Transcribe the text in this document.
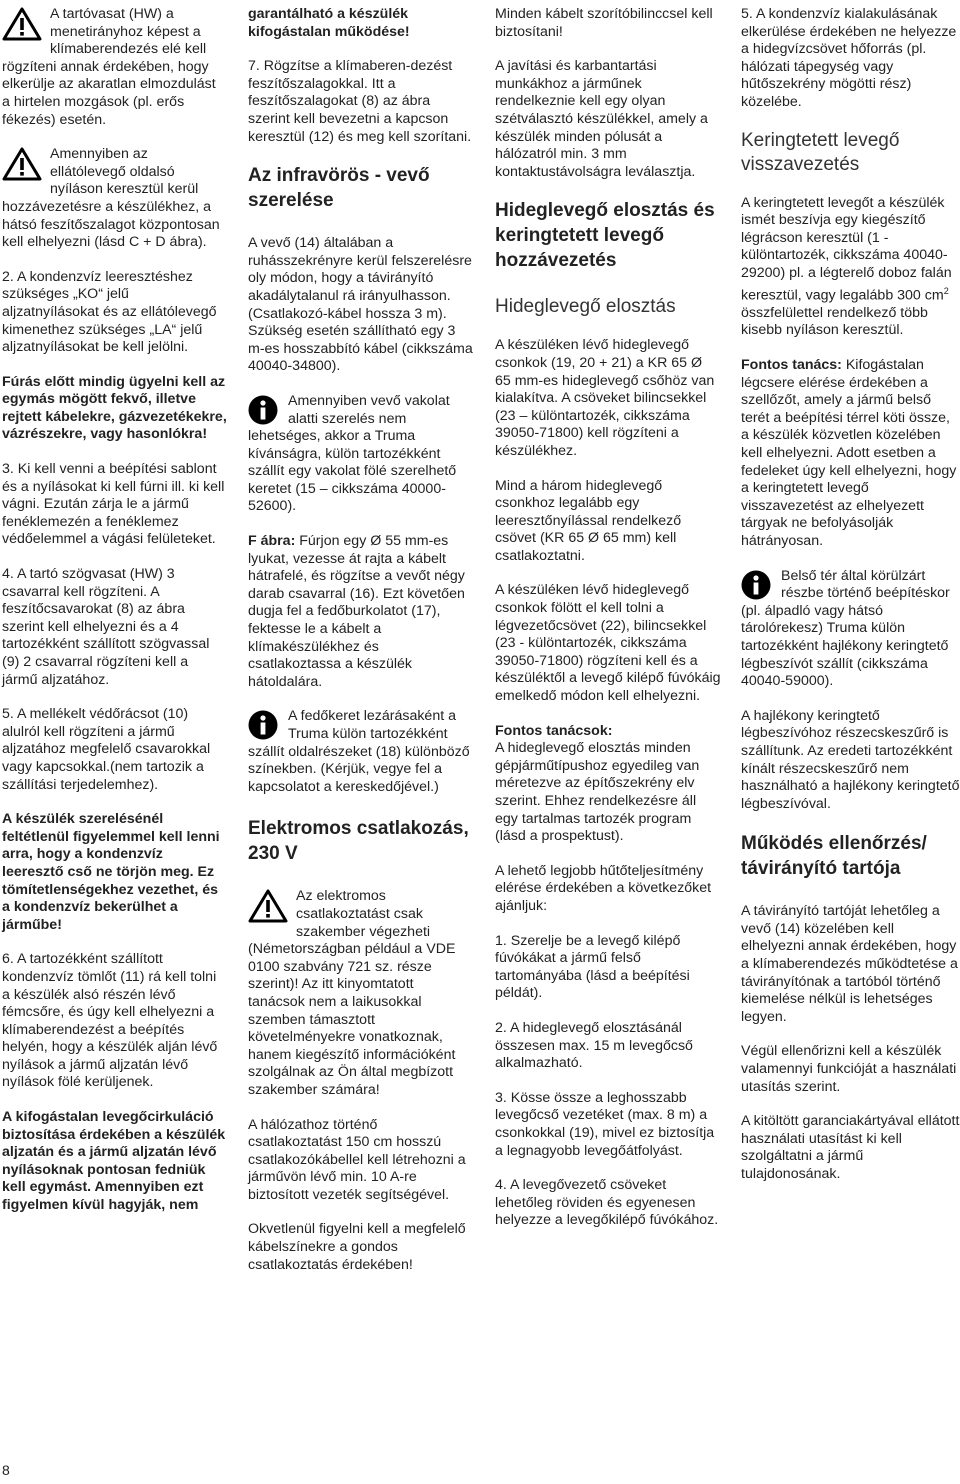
A tartóvasat (HW) a menetirányhoz képest a klímaberendezés elé kell rögzíteni annak érdekében, hogy elkerülje az akaratlan elmozdulást a hirtelen mozgások (pl. erős fékezés) esetén.

Amennyiben az ellátólevegő oldalsó nyíláson keresztül kerül hozzávezetésre a készülékhez, a hátsó feszítőszalagot központosan kell elhelyezni (lásd C + D ábra).

2. A kondenzvíz leeresztéshez szükséges „KO“ jelű aljzatnyílásokat és az ellátólevegő kimenethez szükséges „LA“ jelű aljzatnyílásokat be kell jelölni.

Fúrás előtt mindig ügyelni kell az egymás mögött fekvő, illetve rejtett kábelekre, gázvezetékekre, vázrészekre, vagy hasonlókra!

3. Ki kell venni a beépítési sablont és a nyílásokat ki kell fúrni ill. ki kell vágni. Ezután zárja le a jármű fenéklemezén a fenéklemez védőelemmel a vágási felületeket.

4. A tartó szögvasat (HW) 3 csavarral kell rögzíteni. A feszítőcsavarokat (8) az ábra szerint kell elhelyezni és a 4 tartozékként szállított szögvassal (9) 2 csavarral rögzíteni kell a jármű aljzatához.

5. A mellékelt védőrácsot (10) alulról kell rögzíteni a jármű aljzatához megfelelő csavarokkal vagy kapcsokkal.(nem tartozik a szállítási terjedelemhez).

A készülék szerelésénél feltétlenül figyelemmel kell lenni arra, hogy a kondenzvíz leeresztő cső ne törjön meg. Ez tömítetlenségekhez vezethet, és a kondenzvíz bekerülhet a járműbe!

6. A tartozékként szállított kondenzvíz tömlőt (11) rá kell tolni a készülék alsó részén lévő fémcsőre, és úgy kell elhelyezni a klímaberendezést a beépítés helyén, hogy a készülék alján lévő nyílások a jármű aljzatán lévő nyílások fölé kerüljenek.

A kifogástalan levegőcirkuláció biztosítása érdekében a készülék aljzatán és a jármű aljzatán lévő nyílásoknak pontosan fedniük kell egymást. Amennyiben ezt figyelmen kívül hagyják, nem

garantálható a készülék kifogástalan működése!

7. Rögzítse a klímaberen-dezést feszítőszalagokkal. Itt a feszítőszalagokat (8) az ábra szerint kell bevezetni a kapcson keresztül (12) és meg kell szorítani.

Az infravörös - vevő szerelése

A vevő (14) általában a ruhásszekrényre kerül felszerelésre oly módon, hogy a távirányító akadálytalanul rá irányulhasson. (Csatlakozó-kábel hossza 3 m). Szükség esetén szállítható egy 3 m-es hosszabbító kábel (cikkszáma 40040-34800).

Amennyiben vevő vakolat alatti szerelés nem lehetséges, akkor a Truma kívánságra, külön tartozékként szállít egy vakolat fölé szerelhető keretet (15 – cikkszáma 40000-52600).

F ábra: Fúrjon egy Ø 55 mm-es lyukat, vezesse át rajta a kábelt hátrafelé, és rögzítse a vevőt négy darab csavarral (16). Ezt követően dugja fel a fedőburkolatot (17), fektesse le a kábelt a klímakészülékhez és csatlakoztassa a készülék hátoldalára.

A fedőkeret lezárásaként a Truma külön tartozékként szállít oldalrészeket (18) különböző színekben. (Kérjük, vegye fel a kapcsolatot a kereskedőjével.)

Elektromos csatlakozás, 230 V

Az elektromos csatlakoztatást csak szakember végezheti (Németországban például a VDE 0100 szabvány 721 sz. része szerint)! Az itt kinyomtatott tanácsok nem a laikusokkal szemben támasztott követelményekre vonatkoznak, hanem kiegészítő információként szolgálnak az Ön által megbízott szakember számára!

A hálózathoz történő csatlakoztatást 150 cm hosszú csatlakozókábellel kell létrehozni a járművön lévő min. 10 A-re biztosított vezeték segítségével.

Okvetlenül figyelni kell a megfelelő kábelszínekre a gondos csatlakoztatás érdekében!

Minden kábelt szorítóbilinccsel kell biztosítani!

A javítási és karbantartási munkákhoz a járműnek rendelkeznie kell egy olyan szétválasztó készülékkel, amely a készülék minden pólusát a hálózatról min. 3 mm kontaktustávolságra leválasztja.

Hideglevegő elosztás és keringtetett levegő hozzávezetés
Hideglevegő elosztás

A készüléken lévő hideglevegő csonkok (19, 20 + 21) a KR 65 Ø 65 mm-es hideglevegő csőhöz van kialakítva. A csöveket bilincsekkel (23 – különtartozék, cikkszáma 39050-71800) kell rögzíteni a készülékhez.

Mind a három hideglevegő csonkhoz legalább egy leeresztőnyílással rendelkező csövet (KR 65 Ø 65 mm) kell csatlakoztatni.

A készüléken lévő hideglevegő csonkok fölött el kell tolni a légvezetőcsövet (22), bilincsekkel (23 - különtartozék, cikkszáma 39050-71800) rögzíteni kell és a készüléktől a levegő kilépő fúvókáig emelkedő módon kell elhelyezni.

Fontos tanácsok:
A hideglevegő elosztás minden gépjárműtípushoz egyedileg van méretezve az építőszekrény elv szerint. Ehhez rendelkezésre áll egy tartalmas tartozék program (lásd a prospektust).

A lehető legjobb hűtőteljesítmény elérése érdekében a következőket ajánljuk:

1. Szerelje be a levegő kilépő fúvókákat a jármű felső tartományába (lásd a beépítési példát).

2. A hideglevegő elosztásánál összesen max. 15 m levegőcső alkalmazható.

3. Kösse össze a leghosszabb levegőcső vezetéket (max. 8 m) a csonkokkal (19), mivel ez biztosítja a legnagyobb levegőátfolyást.

4. A levegővezető csöveket lehetőleg röviden és egyenesen helyezze a levegőkilépő fúvókához.

5. A kondenzvíz kialakulásának elkerülése érdekében ne helyezze a hidegvízcsövet hőforrás (pl. hálózati tápegység vagy hűtőszekrény mögötti rész) közelébe.

Keringtetett levegő visszavezetés

A keringtetett levegőt a készülék ismét beszívja egy kiegészítő légrácson keresztül (1 - különtartozék, cikkszáma 40040-29200) pl. a légterelő doboz falán keresztül, vagy legalább 300 $cm^2$ összfelülettel rendelkező több kisebb nyíláson keresztül.

Fontos tanács: Kifogástalan légcsere elérése érdekében a szellőzőt, amely a jármű belső terét a beépítési térrel köti össze, a készülék közvetlen közelében kell elhelyezni. Adott esetben a fedeleket úgy kell elhelyezni, hogy a keringtetett levegő visszavezetést az elhelyezett tárgyak ne befolyásolják hátrányosan.

Belső tér által körülzárt részbe történő beépítéskor (pl. álpadló vagy hátsó tárolórekesz) Truma külön tartozékként hajlékony keringtető légbeszívót szállít (cikkszáma 40040-59000).

A hajlékony keringtető légbeszívóhoz részecskeszűrő is szállítunk. Az eredeti tartozékként kínált részecskeszűrő nem használható a hajlékony keringtető légbeszívóval.

Működés ellenőrzés/ távirányító tartója

A távirányító tartóját lehetőleg a vevő (14) közelében kell elhelyezni annak érdekében, hogy a klímaberendezés működtetése a távirányítónak a tartóból történő kiemelése nélkül is lehetséges legyen.

Végül ellenőrizni kell a készülék valamennyi funkcióját a használati utasítás szerint.

A kitöltött garanciakártyával ellátott használati utasítást ki kell szolgáltatni a jármű tulajdonosának.

8
